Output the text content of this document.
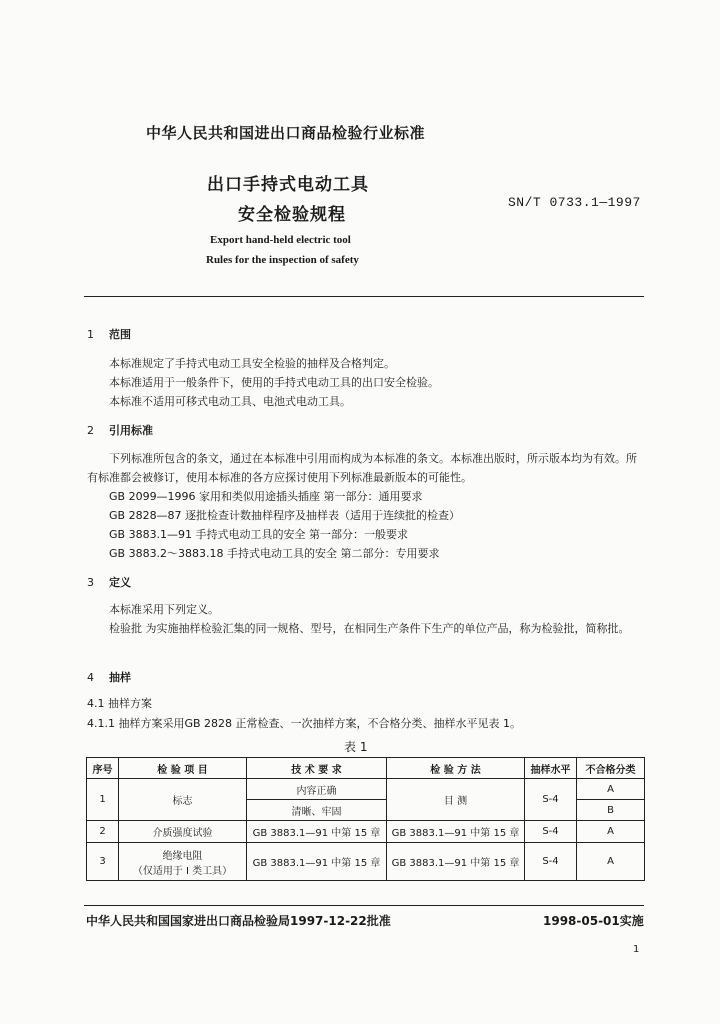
中华人民共和国进出口商品检验行业标准
出口手持式电动工具
安全检验规程
SN/T 0733.1—1997
Export hand-held electric tool
Rules for the inspection of safety
1 范围
本标准规定了手持式电动工具安全检验的抽样及合格判定。
本标准适用于一般条件下，使用的手持式电动工具的出口安全检验。
本标准不适用可移式电动工具、电池式电动工具。
2 引用标准
下列标准所包含的条文，通过在本标准中引用而构成为本标准的条文。本标准出版时，所示版本均为有效。所有标准都会被修订，使用本标准的各方应探讨使用下列标准最新版本的可能性。
GB 2099—1996 家用和类似用途插头插座 第一部分：通用要求
GB 2828—87 逐批检查计数抽样程序及抽样表（适用于连续批的检查）
GB 3883.1—91 手持式电动工具的安全 第一部分：一般要求
GB 3883.2～3883.18 手持式电动工具的安全 第二部分：专用要求
3 定义
本标准采用下列定义。
检验批 为实施抽样检验汇集的同一规格、型号，在相同生产条件下生产的单位产品，称为检验批，简称批。
4 抽样
4.1 抽样方案
4.1.1 抽样方案采用GB 2828 正常检查、一次抽样方案，不合格分类、抽样水平见表 1。
表 1
序号	检 验 项 目	技 术 要 求	检 验 方 法	抽样水平	不合格分类
1	标志	内容正确	目 测	S-4	A
		清晰、牢固			B
2	介质强度试验	GB 3883.1—91 中第 15 章	GB 3883.1—91 中第 15 章	S-4	A
3	绝缘电阻
（仅适用于 I 类工具）	GB 3883.1—91 中第 15 章	GB 3883.1—91 中第 15 章	S-4	A
中华人民共和国国家进出口商品检验局1997-12-22批准	1998-05-01实施
1
